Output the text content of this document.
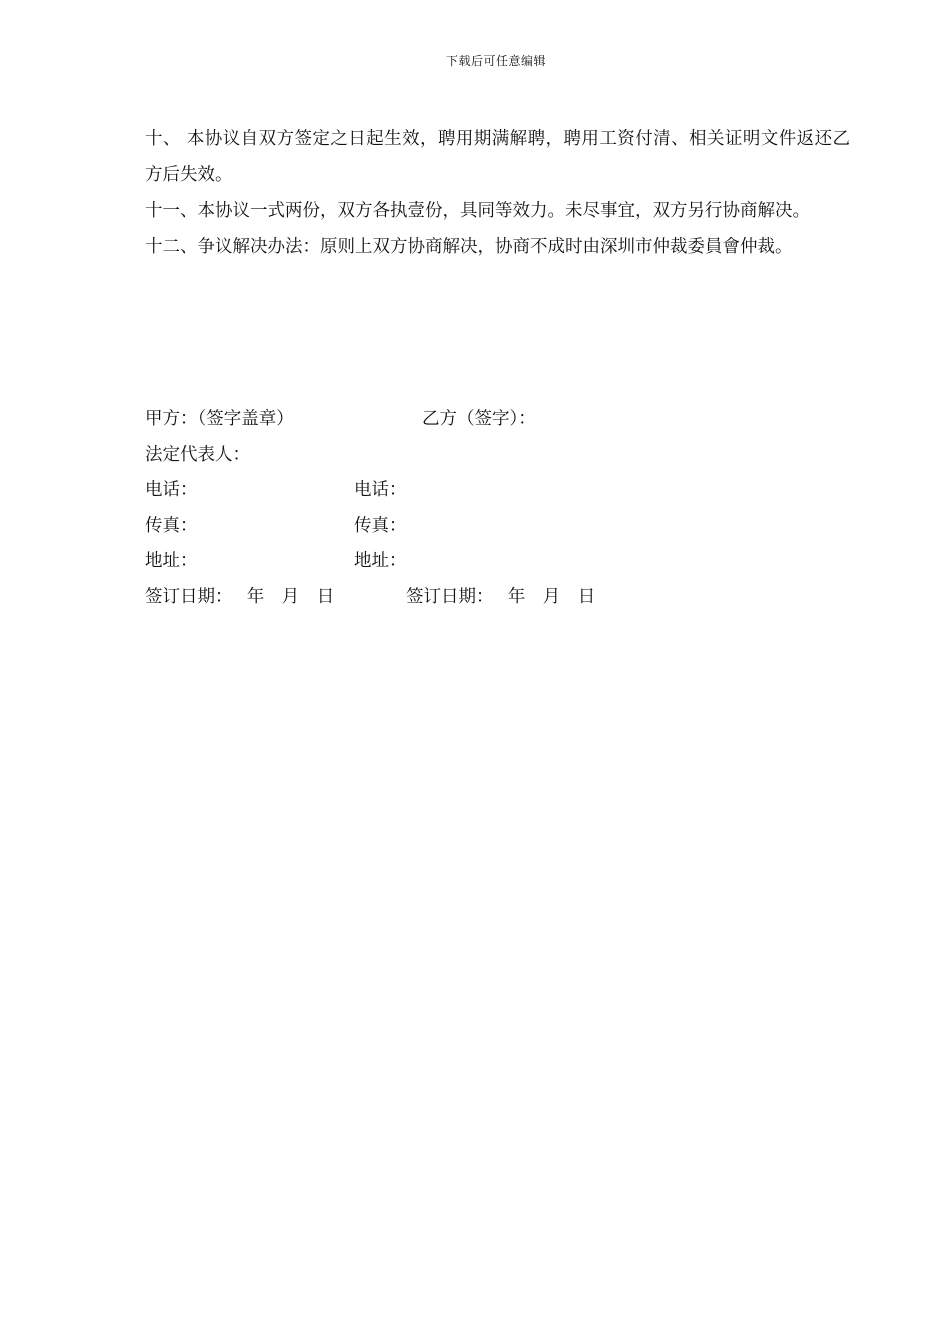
下载后可任意编辑

十、 本协议自双方签定之日起生效，聘用期满解聘，聘用工资付清、相关证明文件返还乙方后失效。

十一、本协议一式两份，双方各执壹份，具同等效力。未尽事宜，双方另行协商解决。

十二、争议解决办法：原则上双方协商解决，协商不成时由深圳市仲裁委員會仲裁。

甲方：（签字盖章）	乙方（签字）：
法定代表人：
电话：	电话：
传真：	传真：
地址：	地址：
签订日期：　 年　月　日	签订日期：　 年　月　日
